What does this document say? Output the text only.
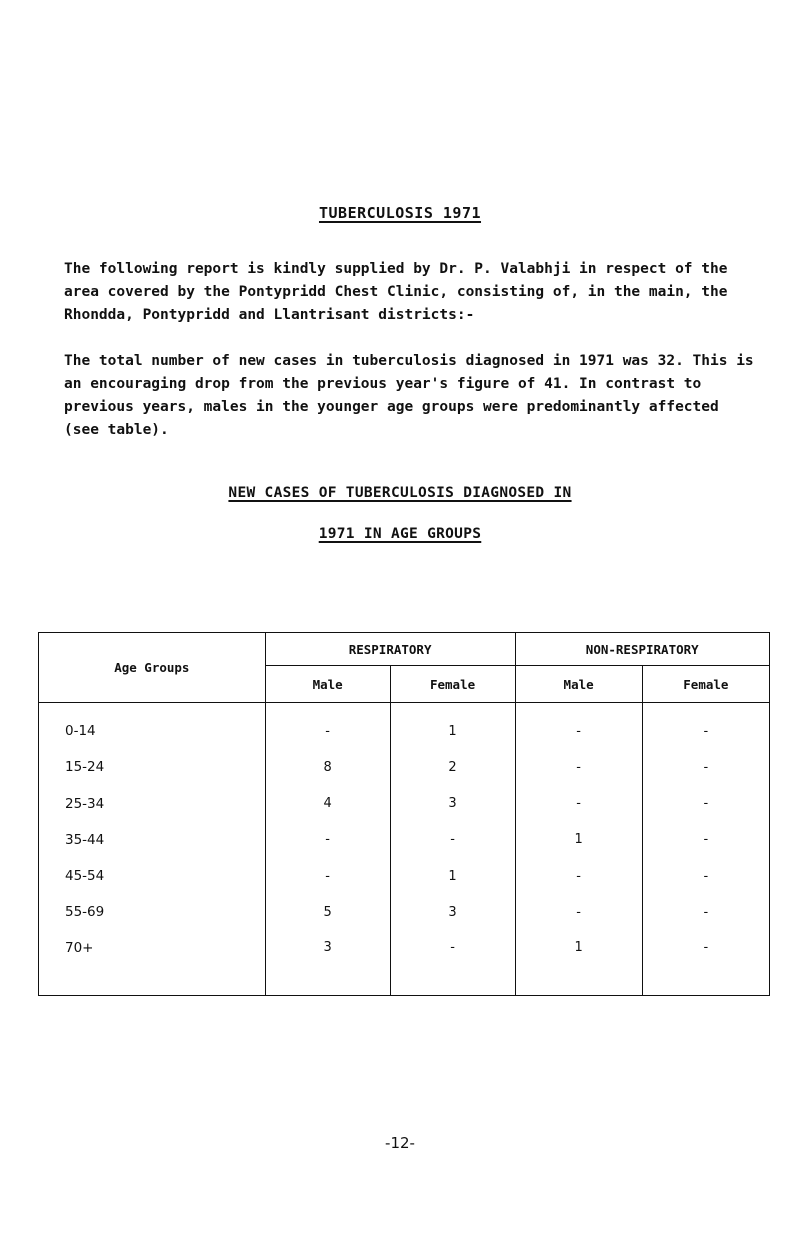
TUBERCULOSIS 1971

The following report is kindly supplied by Dr. P. Valabhji in respect of the area covered by the Pontypridd Chest Clinic, consisting of, in the main, the Rhondda, Pontypridd and Llantrisant districts:-

The total number of new cases in tuberculosis diagnosed in 1971 was 32. This is an encouraging drop from the previous year's figure of 41. In contrast to previous years, males in the younger age groups were predominantly affected (see table).

NEW CASES OF TUBERCULOSIS DIAGNOSED IN
1971 IN AGE GROUPS
Age Groups	RESPIRATORY		NON-RESPIRATORY	
	Male	Female	Male	Female
0-14	-	1	-	-
15-24	8	2	-	-
25-34	4	3	-	-
35-44	-	-	1	-
45-54	-	1	-	-
55-69	5	3	-	-
70+	3	-	1	-
-12-
